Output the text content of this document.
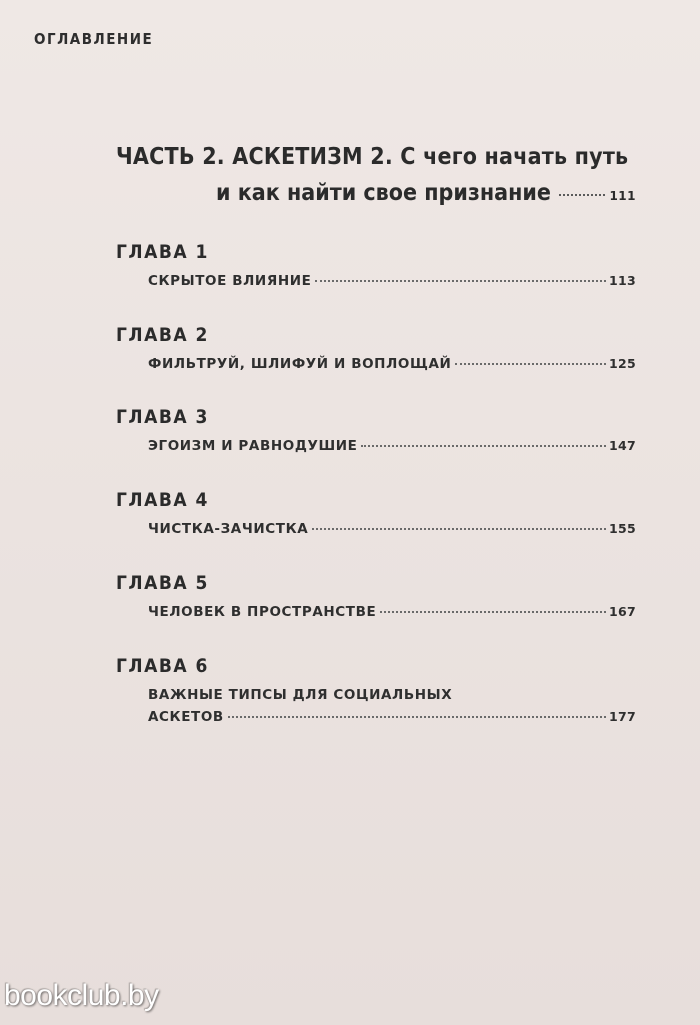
ОГЛАВЛЕНИЕ
ЧАСТЬ 2. АСКЕТИЗМ 2. С чего начать путь
и как найти свое признание	111
ГЛАВА 1
СКРЫТОЕ ВЛИЯНИЕ	113
ГЛАВА 2
ФИЛЬТРУЙ, ШЛИФУЙ И ВОПЛОЩАЙ	125
ГЛАВА 3
ЭГОИЗМ И РАВНОДУШИЕ	147
ГЛАВА 4
ЧИСТКА-ЗАЧИСТКА	155
ГЛАВА 5
ЧЕЛОВЕК В ПРОСТРАНСТВЕ	167
ГЛАВА 6
ВАЖНЫЕ ТИПСЫ ДЛЯ СОЦИАЛЬНЫХ
АСКЕТОВ	177
bookclub.by
